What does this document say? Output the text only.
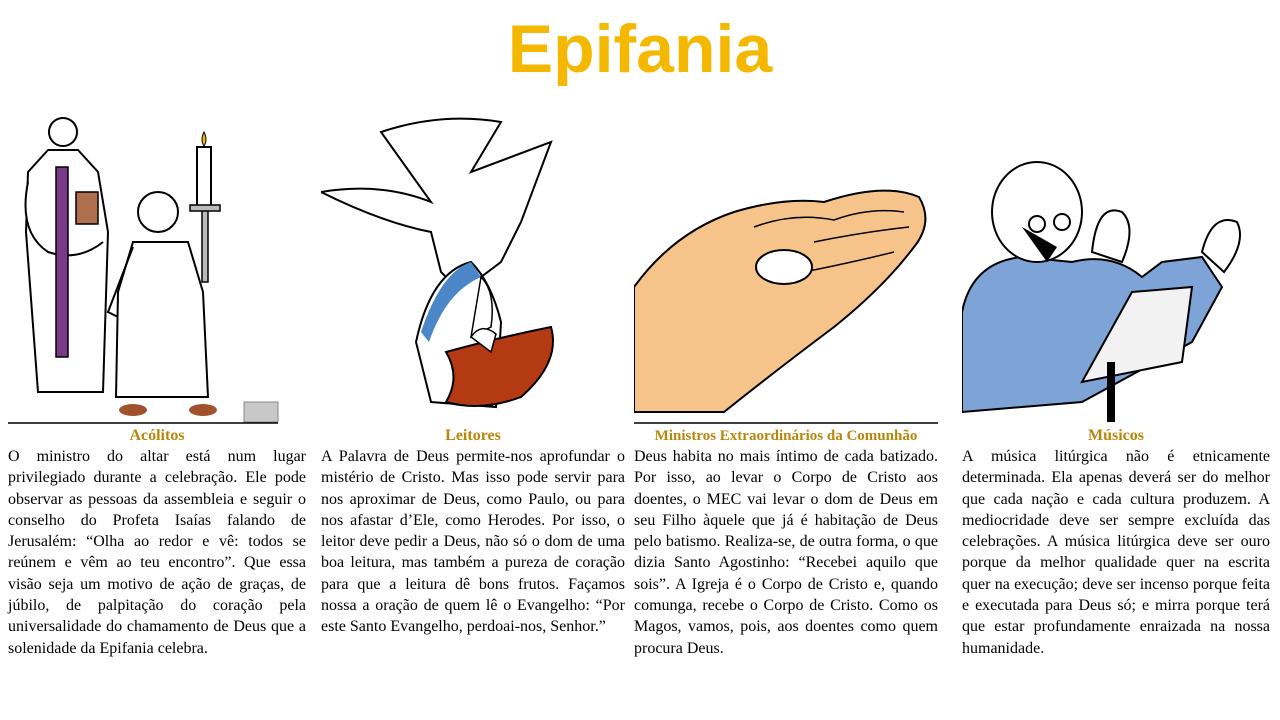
Epifania
Acólitos
O ministro do altar está num lugar privilegiado durante a celebração. Ele pode observar as pessoas da assembleia e seguir o conselho do Profeta Isaías falando de Jerusalém: “Olha ao redor e vê: todos se reúnem e vêm ao teu encontro”. Que essa visão seja um motivo de ação de graças, de júbilo, de palpitação do coração pela universalidade do chamamento de Deus que a solenidade da Epifania celebra.
Leitores
A Palavra de Deus permite-nos aprofundar o mistério de Cristo. Mas isso pode servir para nos aproximar de Deus, como Paulo, ou para nos afastar d’Ele, como Herodes. Por isso, o leitor deve pedir a Deus, não só o dom de uma boa leitura, mas também a pureza de coração para que a leitura dê bons frutos. Façamos nossa a oração de quem lê o Evangelho: “Por este Santo Evangelho, perdoai-nos, Senhor.”
Ministros Extraordinários da Comunhão
Deus habita no mais íntimo de cada batizado. Por isso, ao levar o Corpo de Cristo aos doentes, o MEC vai levar o dom de Deus em seu Filho àquele que já é habitação de Deus pelo batismo. Realiza-se, de outra forma, o que dizia Santo Agostinho: “Recebei aquilo que sois”. A Igreja é o Corpo de Cristo e, quando comunga, recebe o Corpo de Cristo. Como os Magos, vamos, pois, aos doentes como quem procura Deus.
Músicos
A música litúrgica não é etnicamente determinada. Ela apenas deverá ser do melhor que cada nação e cada cultura produzem. A mediocridade deve ser sempre excluída das celebrações. A música litúrgica deve ser ouro porque da melhor qualidade quer na escrita quer na execução; deve ser incenso porque feita e executada para Deus só; e mirra porque terá que estar profundamente enraizada na nossa humanidade.
